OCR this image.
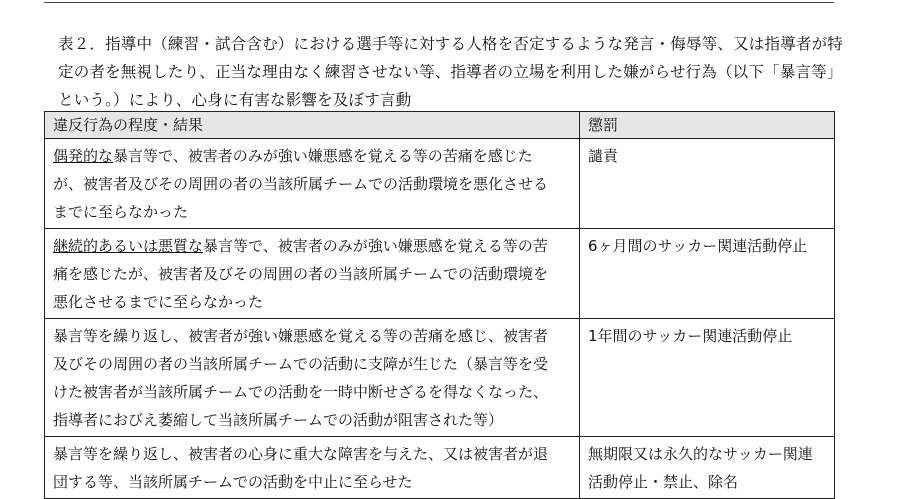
表２．指導中（練習・試合含む）における選手等に対する人格を否定するような発言・侮辱等、又は指導者が特
定の者を無視したり、正当な理由なく練習させない等、指導者の立場を利用した嫌がらせ行為（以下「暴言等」
という。）により、心身に有害な影響を及ぼす言動
違反行為の程度・結果	懲罰

偶発的な暴言等で、被害者のみが強い嫌悪感を覚える等の苦痛を感じた
が、被害者及びその周囲の者の当該所属チームでの活動環境を悪化させる
までに至らなかった	譴責

継続的あるいは悪質な暴言等で、被害者のみが強い嫌悪感を覚える等の苦
痛を感じたが、被害者及びその周囲の者の当該所属チームでの活動環境を
悪化させるまでに至らなかった	6ヶ月間のサッカー関連活動停止

暴言等を繰り返し、被害者が強い嫌悪感を覚える等の苦痛を感じ、被害者
及びその周囲の者の当該所属チームでの活動に支障が生じた（暴言等を受
けた被害者が当該所属チームでの活動を一時中断せざるを得なくなった、
指導者におびえ萎縮して当該所属チームでの活動が阻害された等）	1年間のサッカー関連活動停止

暴言等を繰り返し、被害者の心身に重大な障害を与えた、又は被害者が退
団する等、当該所属チームでの活動を中止に至らせた	無期限又は永久的なサッカー関連
活動停止・禁止、除名
